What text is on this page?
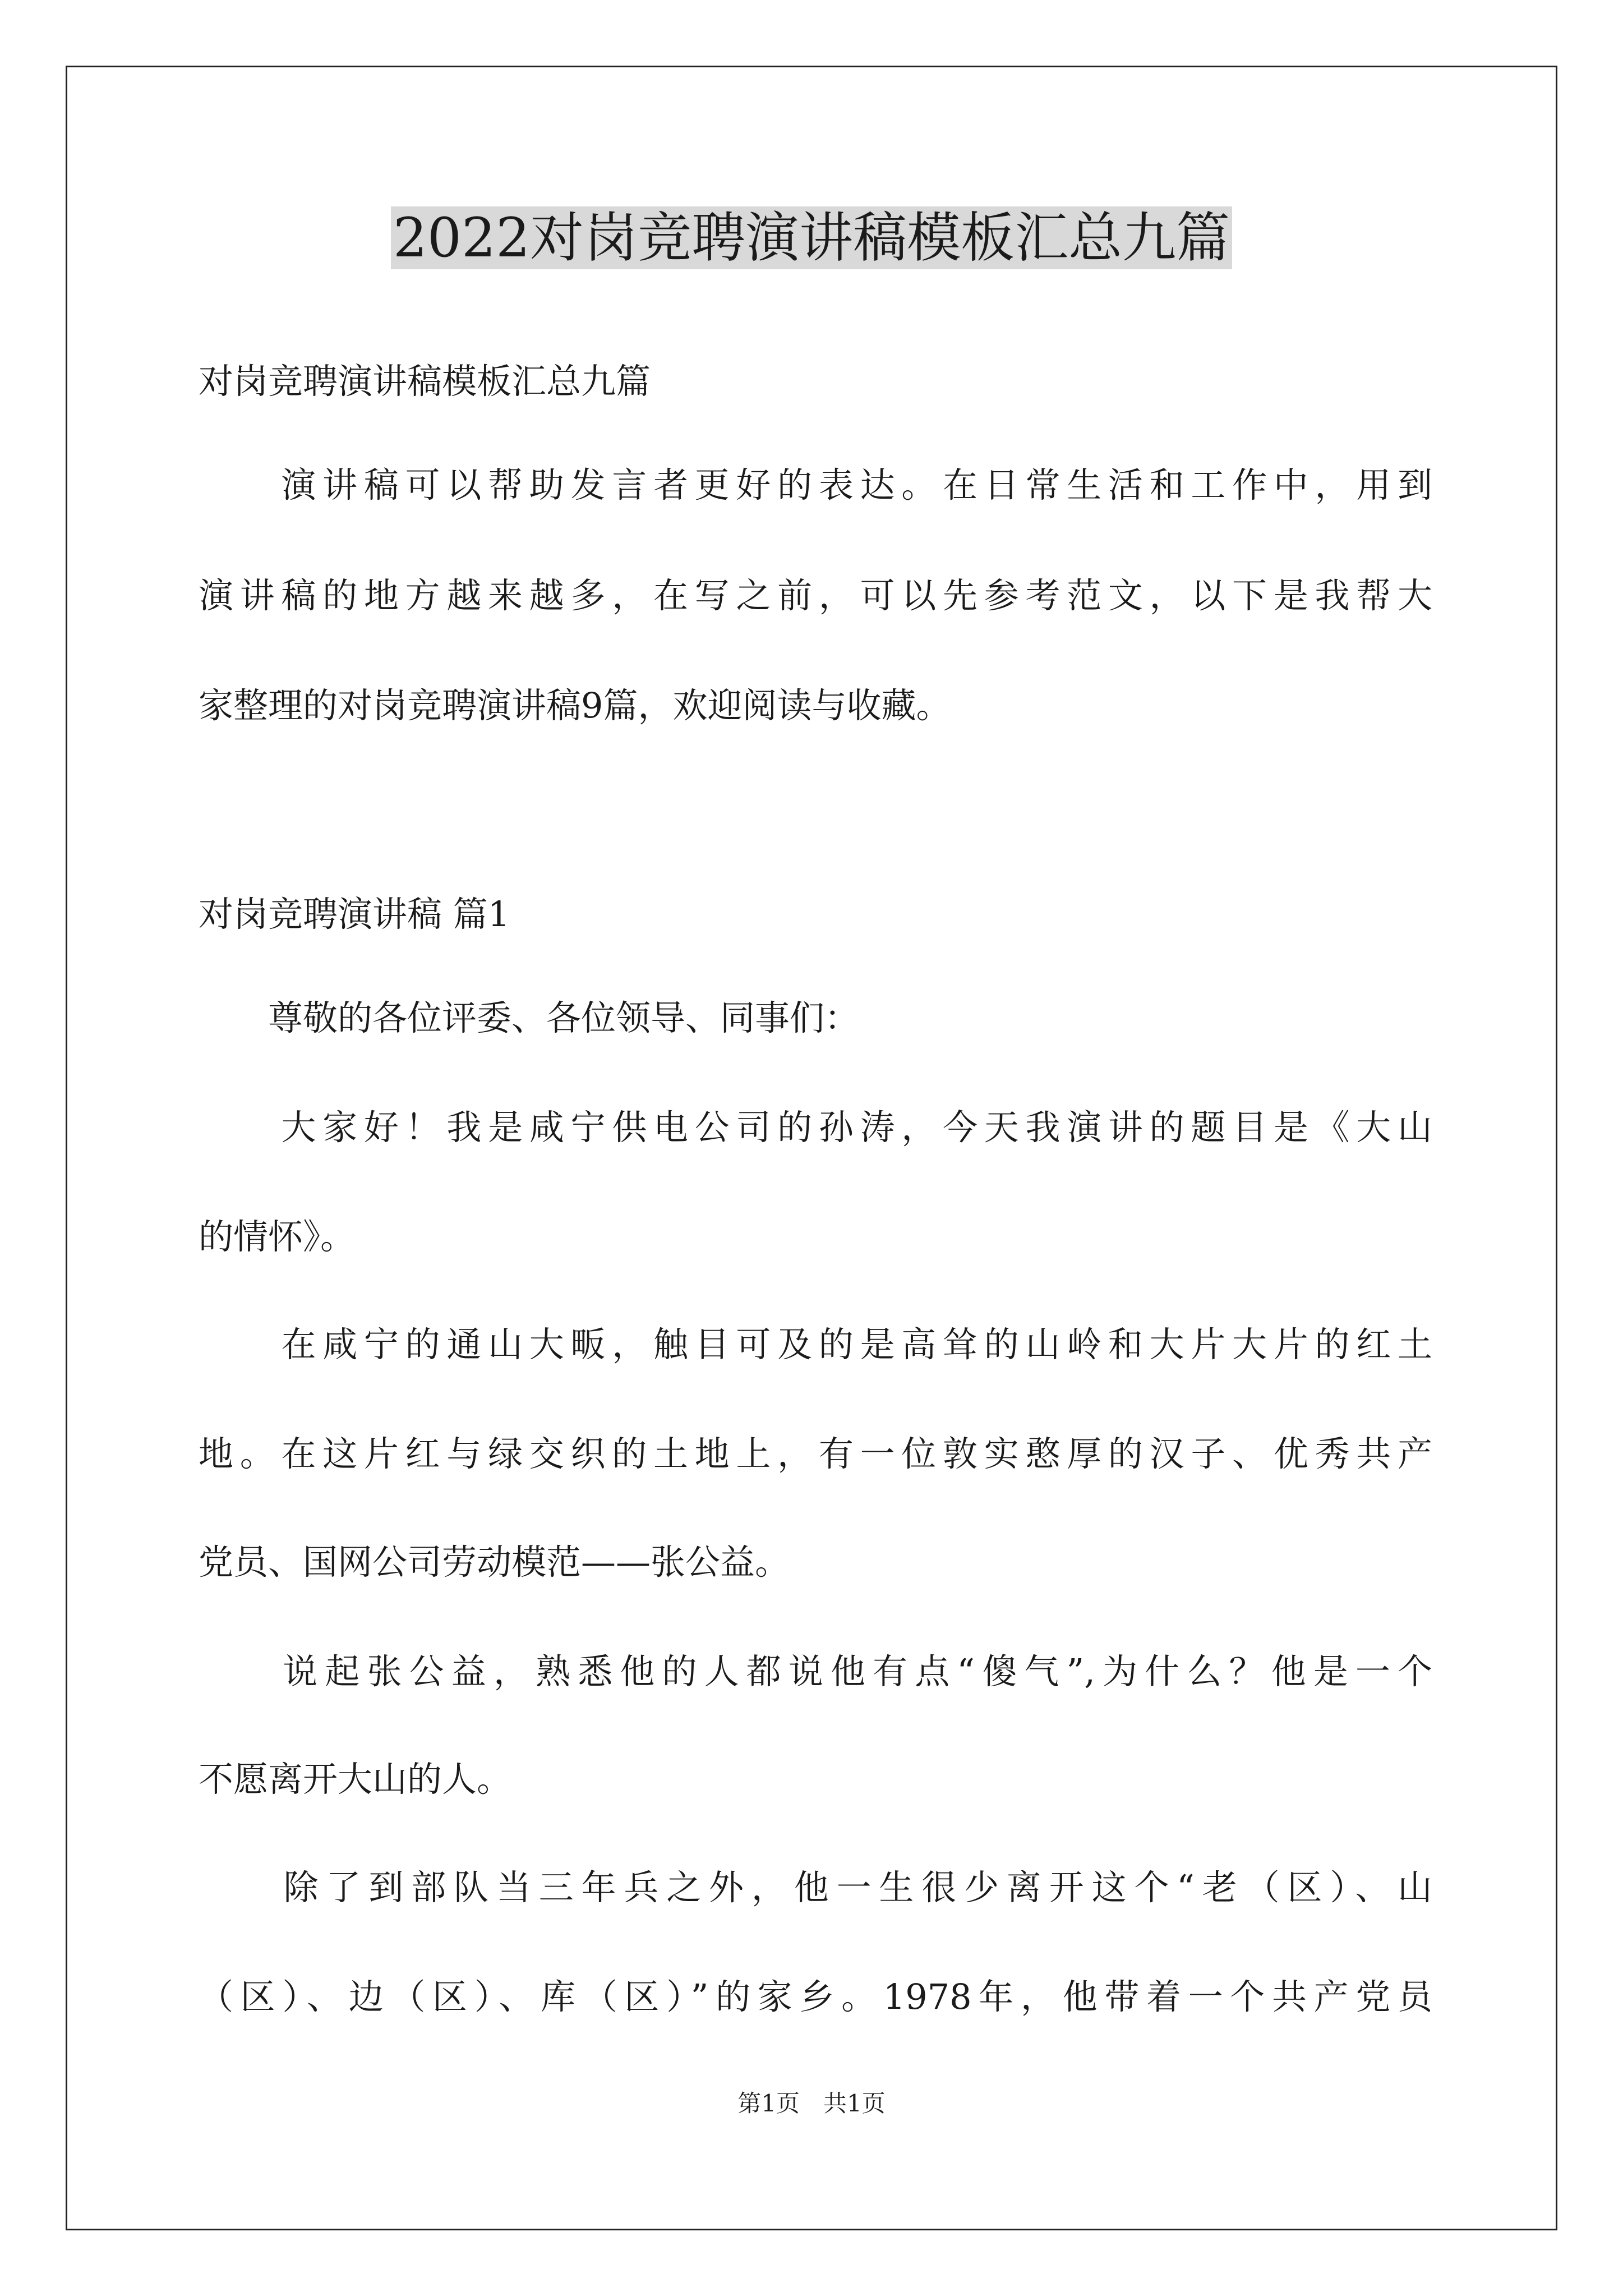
2022对岗竞聘演讲稿模板汇总九篇
对岗竞聘演讲稿模板汇总九篇
　　演讲稿可以帮助发言者更好的表达。在日常生活和工作中，用到
演讲稿的地方越来越多，在写之前，可以先参考范文，以下是我帮大
家整理的对岗竞聘演讲稿9篇，欢迎阅读与收藏。
对岗竞聘演讲稿 篇1
　　尊敬的各位评委、各位领导、同事们：
　　大家好！我是咸宁供电公司的孙涛，今天我演讲的题目是《大山
的情怀》。
　　在咸宁的通山大畈，触目可及的是高耸的山岭和大片大片的红土
地。在这片红与绿交织的土地上，有一位敦实憨厚的汉子、优秀共产
党员、国网公司劳动模范——张公益。
　　说起张公益，熟悉他的人都说他有点“傻气”,为什么？他是一个
不愿离开大山的人。
　　除了到部队当三年兵之外，他一生很少离开这个“老（区）、山
（区）、边（区）、库（区）”的家乡。1978年，他带着一个共产党员
第1页　共1页
